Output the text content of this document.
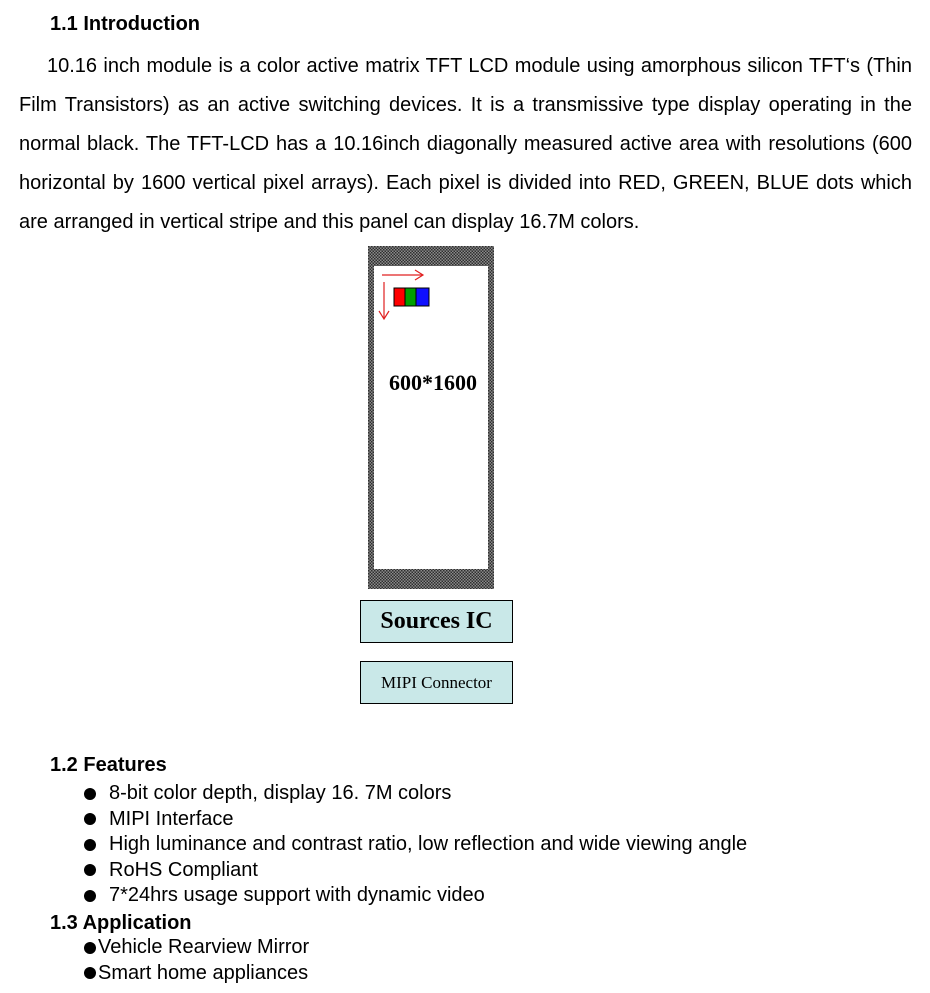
1.1 Introduction

10.16 inch module is a color active matrix TFT LCD module using amorphous silicon TFT‘s (Thin Film Transistors) as an active switching devices. It is a transmissive type display operating in the normal black. The TFT-LCD has a 10.16inch diagonally measured active area with resolutions (600 horizontal by 1600 vertical pixel arrays). Each pixel is divided into RED, GREEN, BLUE dots which are arranged in vertical stripe and this panel can display 16.7M colors.

600*1600
Sources IC
MIPI Connector
1.2 Features
8-bit color depth, display 16. 7M colors
MIPI Interface
High luminance and contrast ratio, low reflection and wide viewing angle
RoHS Compliant
7*24hrs usage support with dynamic video
1.3 Application
Vehicle Rearview Mirror
Smart home appliances
